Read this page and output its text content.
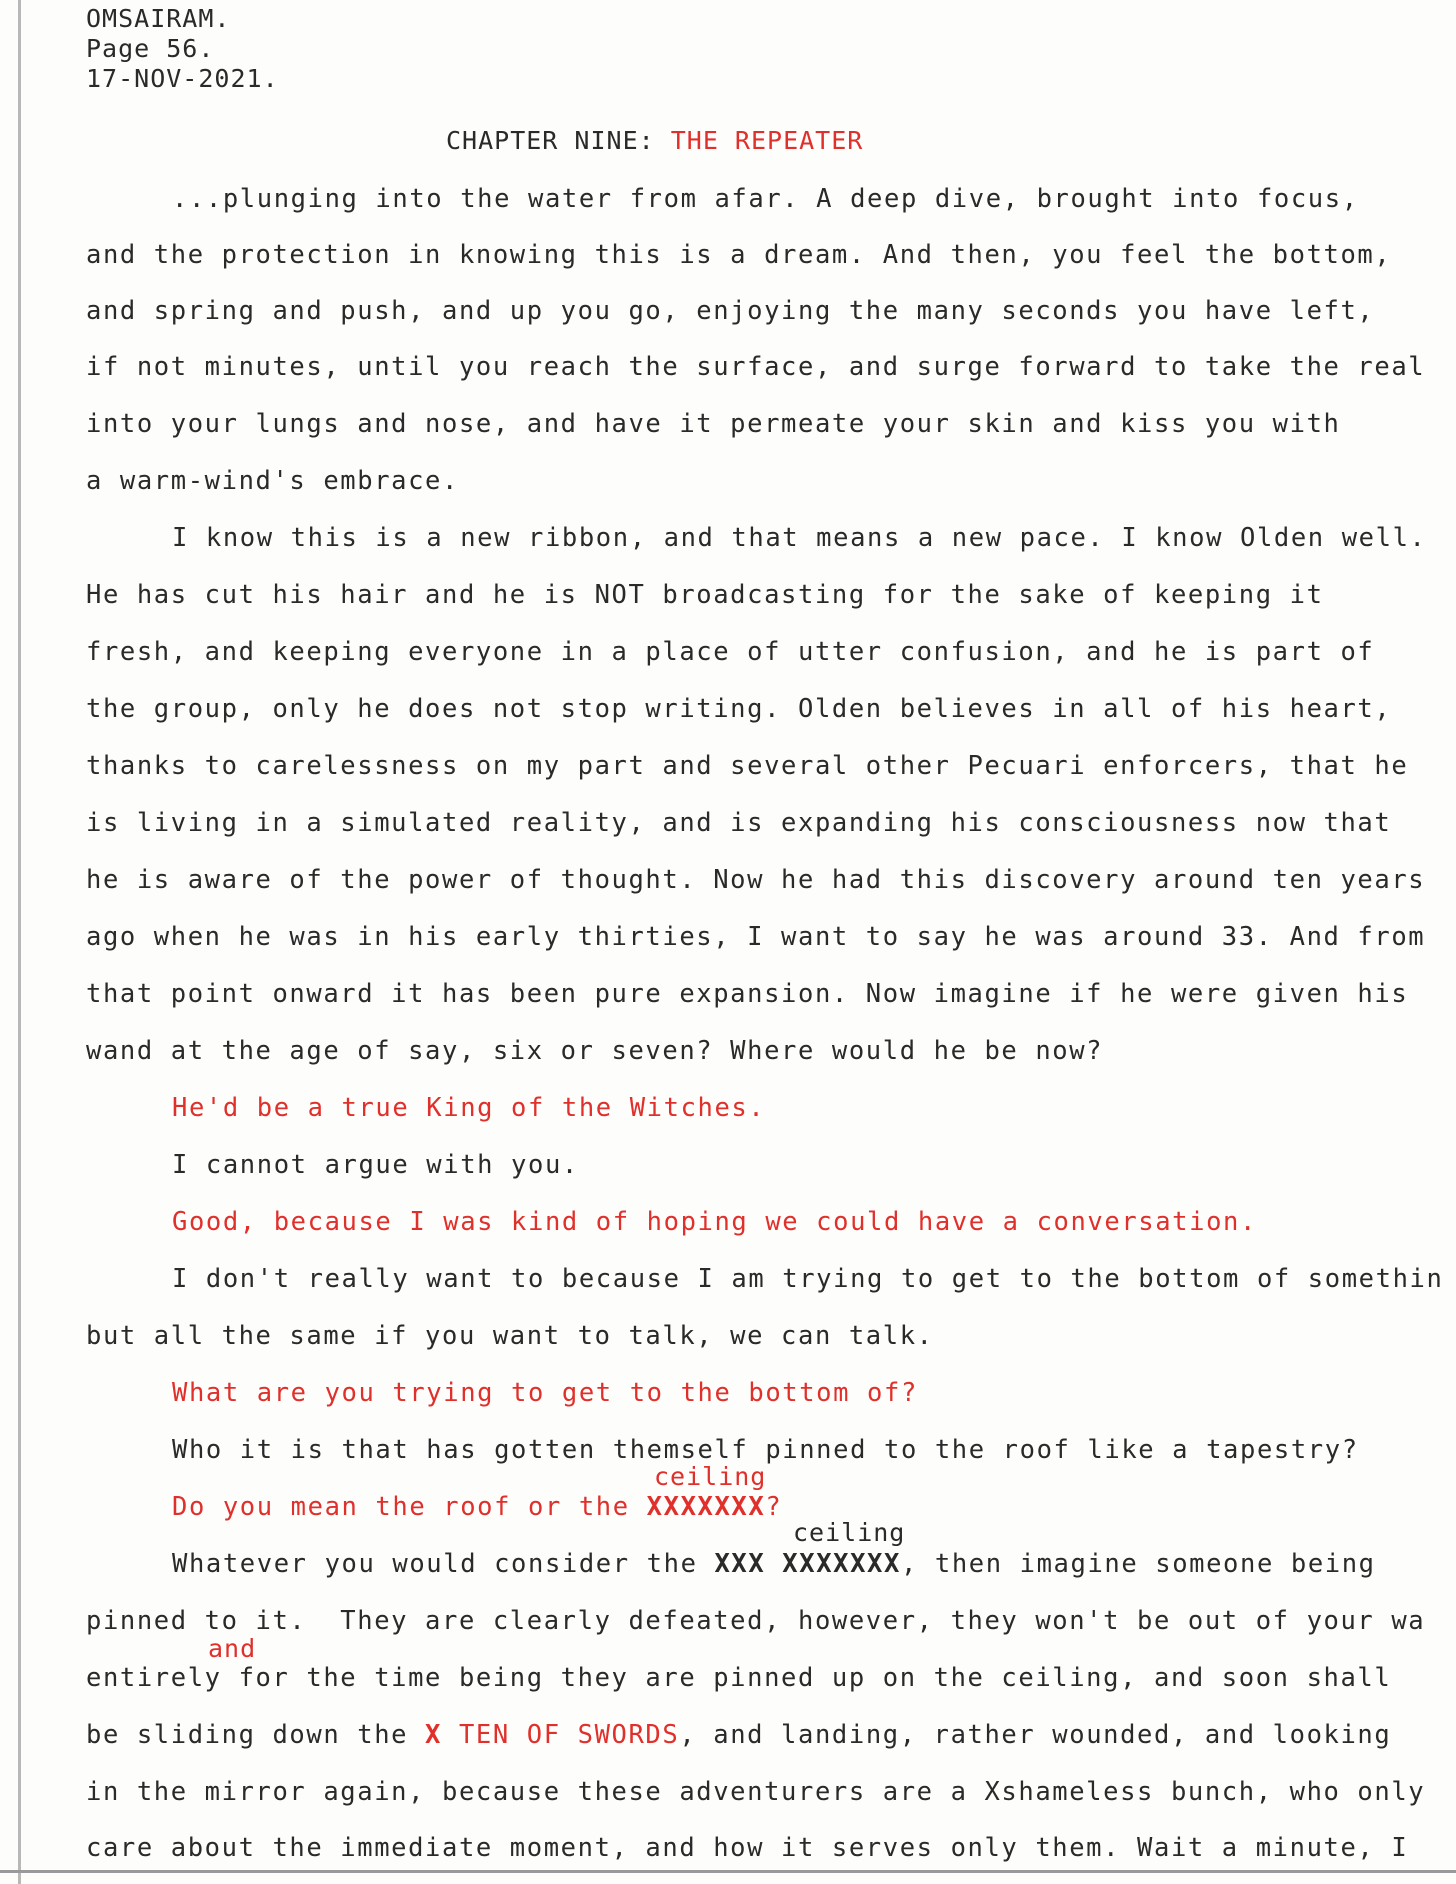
OMSAIRAM.
Page 56.
17-NOV-2021.
CHAPTER NINE: THE REPEATER
...plunging into the water from afar. A deep dive, brought into focus,
and the protection in knowing this is a dream. And then, you feel the bottom,
and spring and push, and up you go, enjoying the many seconds you have left,
if not minutes, until you reach the surface, and surge forward to take the real
into your lungs and nose, and have it permeate your skin and kiss you with
a warm-wind's embrace.
I know this is a new ribbon, and that means a new pace. I know Olden well.
He has cut his hair and he is NOT broadcasting for the sake of keeping it
fresh, and keeping everyone in a place of utter confusion, and he is part of
the group, only he does not stop writing. Olden believes in all of his heart,
thanks to carelessness on my part and several other Pecuari enforcers, that he
is living in a simulated reality, and is expanding his consciousness now that
he is aware of the power of thought. Now he had this discovery around ten years
ago when he was in his early thirties, I want to say he was around 33. And from
that point onward it has been pure expansion. Now imagine if he were given his
wand at the age of say, six or seven? Where would he be now?
He'd be a true King of the Witches.
I cannot argue with you.
Good, because I was kind of hoping we could have a conversation.
I don't really want to because I am trying to get to the bottom of somethin
but all the same if you want to talk, we can talk.
What are you trying to get to the bottom of?
Who it is that has gotten themself pinned to the roof like a tapestry?
ceiling
Do you mean the roof or the XXXXXXX?
ceiling
Whatever you would consider the XXX XXXXXXX, then imagine someone being
pinned to it.  They are clearly defeated, however, they won't be out of your wa
and
entirely for the time being they are pinned up on the ceiling, and soon shall
be sliding down the X TEN OF SWORDS, and landing, rather wounded, and looking
in the mirror again, because these adventurers are a Xshameless bunch, who only
care about the immediate moment, and how it serves only them. Wait a minute, I
